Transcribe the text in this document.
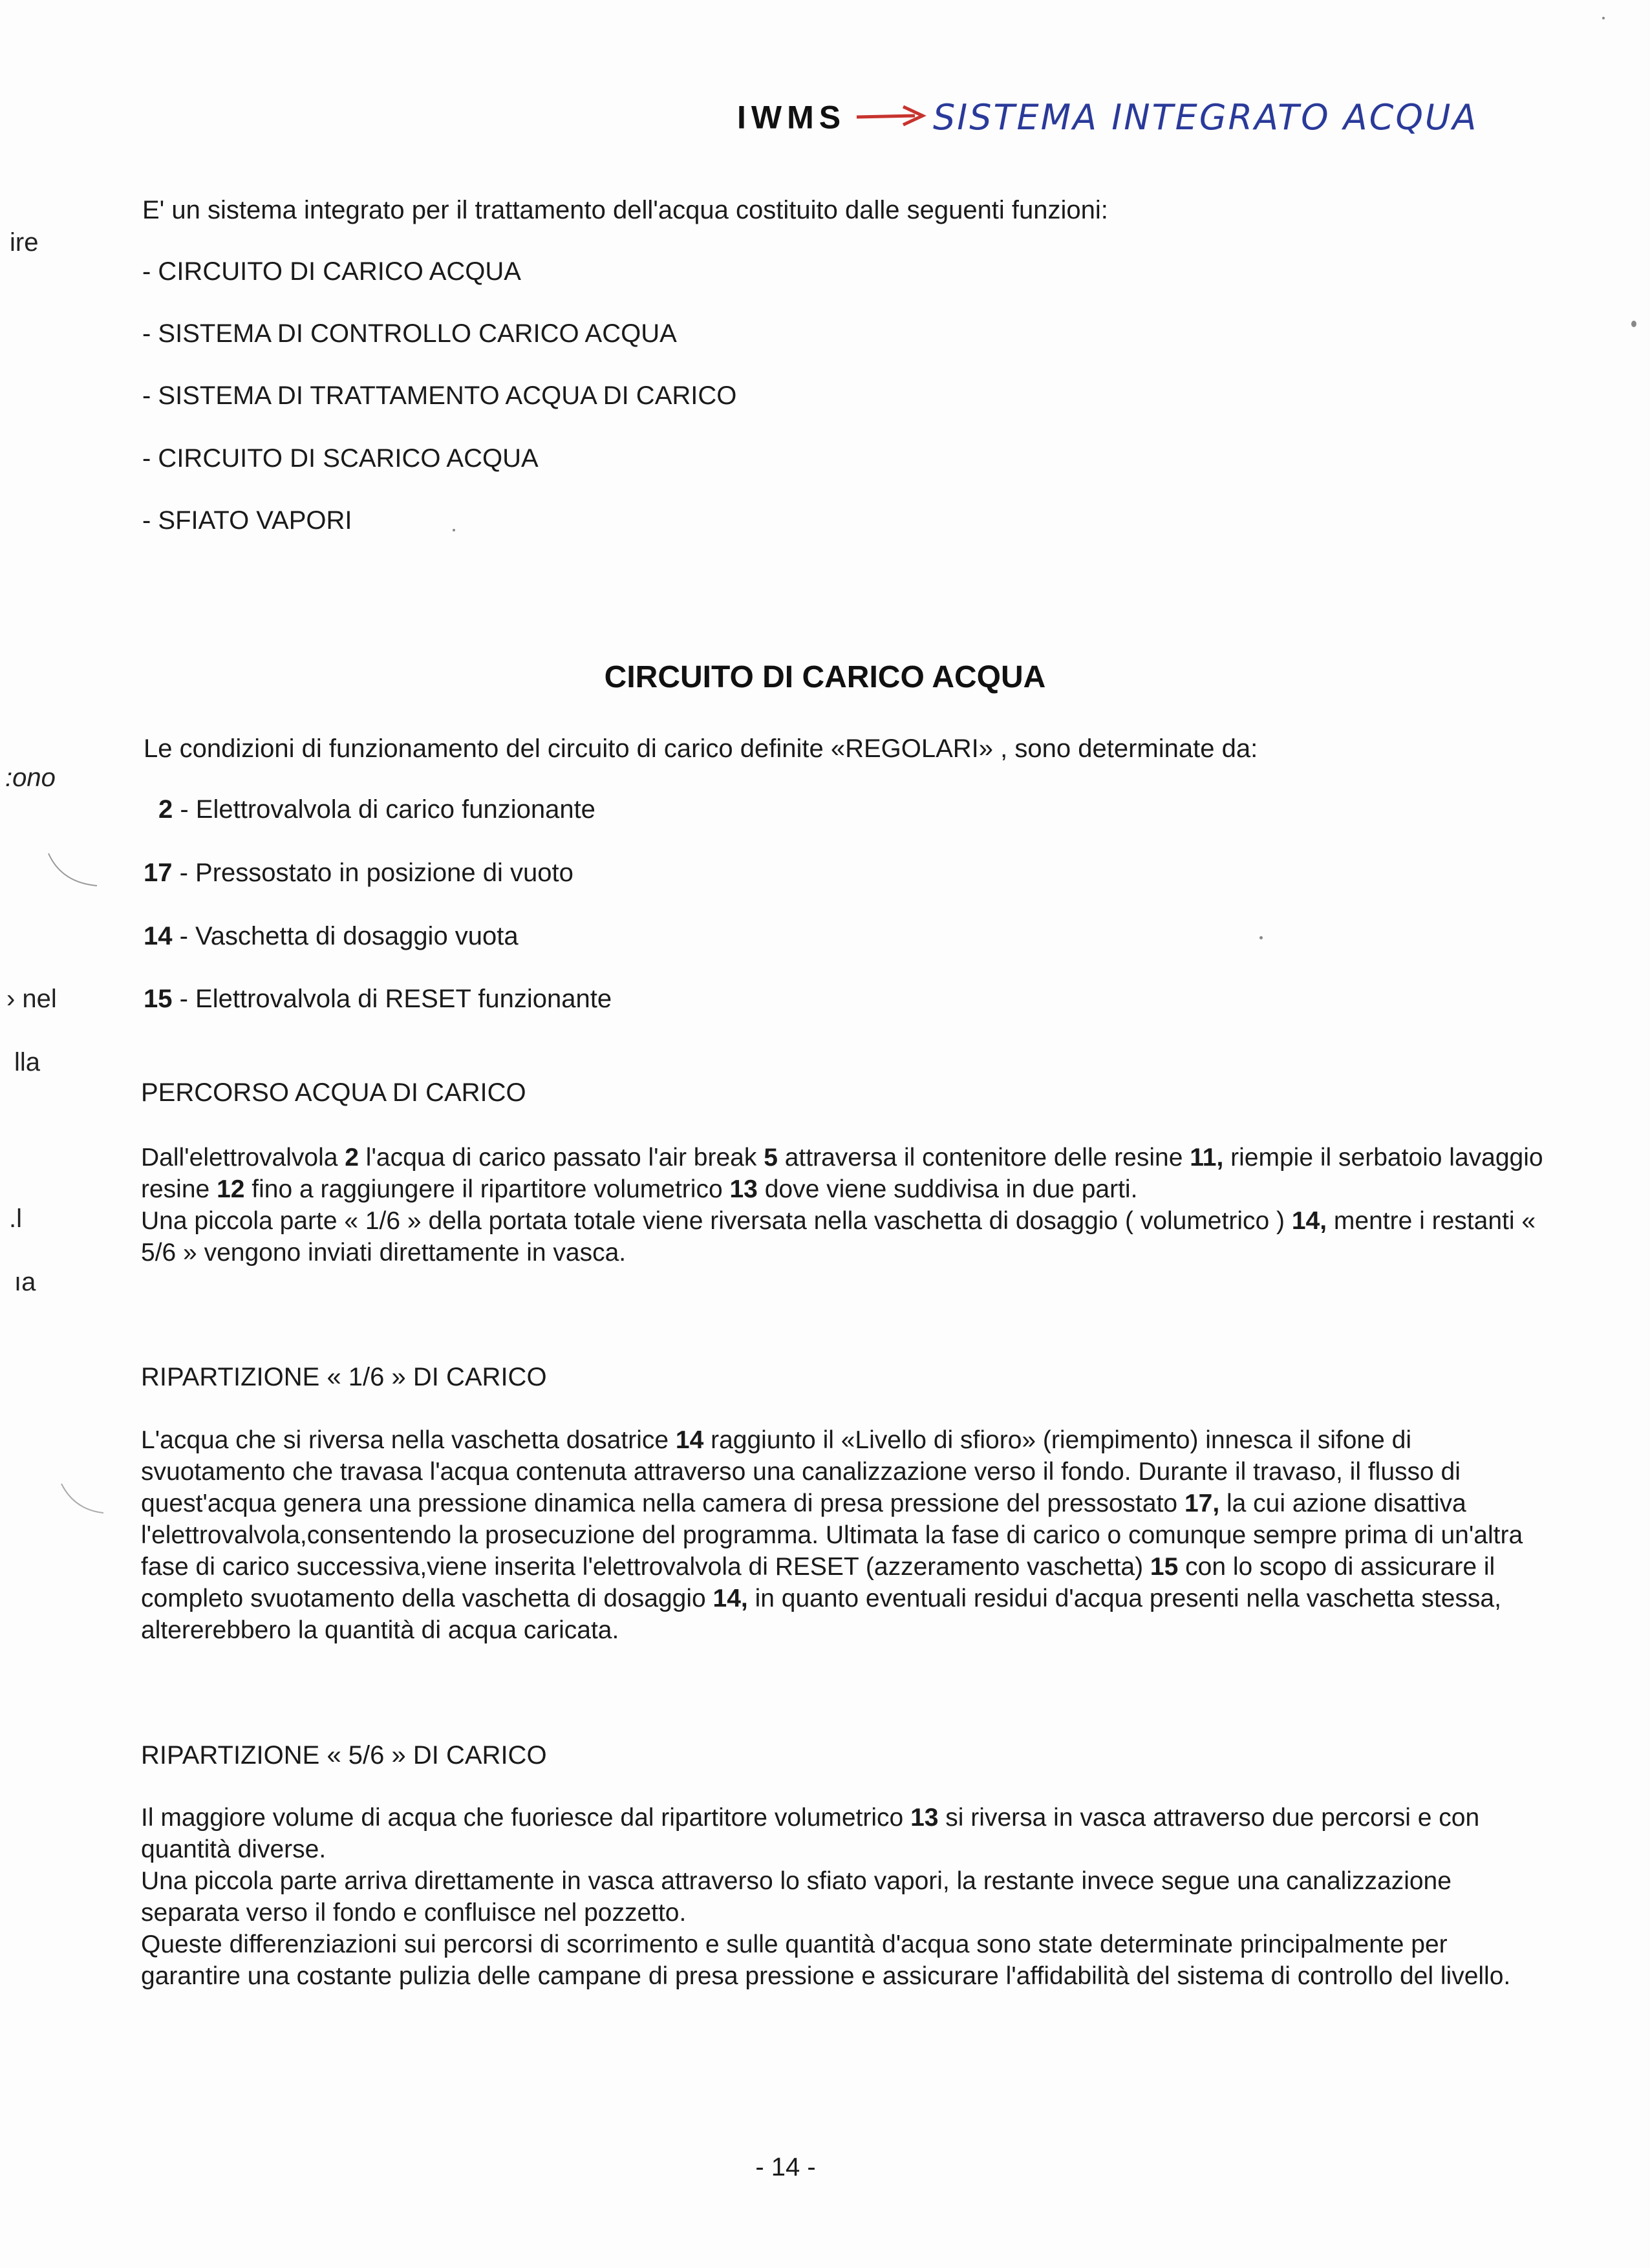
IWMS SISTEMA INTEGRATO ACQUA
E' un sistema integrato per il trattamento dell'acqua costituito dalle seguenti funzioni:
- CIRCUITO DI CARICO ACQUA
- SISTEMA DI CONTROLLO CARICO ACQUA
- SISTEMA DI TRATTAMENTO ACQUA DI CARICO
- CIRCUITO DI SCARICO ACQUA
- SFIATO VAPORI
CIRCUITO DI CARICO ACQUA
Le condizioni di funzionamento del circuito di carico definite «REGOLARI» , sono determinate da:
2 - Elettrovalvola di carico funzionante
17 - Pressostato in posizione di vuoto
14 - Vaschetta di dosaggio vuota
15 - Elettrovalvola di RESET funzionante
PERCORSO ACQUA DI CARICO

Dall'elettrovalvola 2 l'acqua di carico passato l'air break 5 attraversa il contenitore delle resine 11, riempie il serbatoio lavaggio resine 12 fino a raggiungere il ripartitore volumetrico 13 dove viene suddivisa in due parti.

Una piccola parte « 1/6 » della portata totale viene riversata nella vaschetta di dosaggio ( volumetrico ) 14, mentre i restanti « 5/6 » vengono inviati direttamente in vasca.

RIPARTIZIONE « 1/6 » DI CARICO

L'acqua che si riversa nella vaschetta dosatrice 14 raggiunto il «Livello di sfioro» (riempimento) innesca il sifone di svuotamento che travasa l'acqua contenuta attraverso una canalizzazione verso il fondo. Durante il travaso, il flusso di quest'acqua genera una pressione dinamica nella camera di presa pressione del pressostato 17, la cui azione disattiva l'elettrovalvola,consentendo la prosecuzione del programma. Ultimata la fase di carico o comunque sempre prima di un'altra fase di carico successiva,viene inserita l'elettrovalvola di RESET (azzeramento vaschetta) 15 con lo scopo di assicurare il completo svuotamento della vaschetta di dosaggio 14, in quanto eventuali residui d'acqua presenti nella vaschetta stessa, altererebbero la quantità di acqua caricata.

RIPARTIZIONE « 5/6 » DI CARICO

Il maggiore volume di acqua che fuoriesce dal ripartitore volumetrico 13 si riversa in vasca attraverso due percorsi e con quantità diverse.

Una piccola parte arriva direttamente in vasca attraverso lo sfiato vapori, la restante invece segue una canalizzazione separata verso il fondo e confluisce nel pozzetto.

Queste differenziazioni sui percorsi di scorrimento e sulle quantità d'acqua sono state determinate principalmente per garantire una costante pulizia delle campane di presa pressione e assicurare l'affidabilità del sistema di controllo del livello.

ire
:ono
› nel
lla
.l
ıa
- 14 -
